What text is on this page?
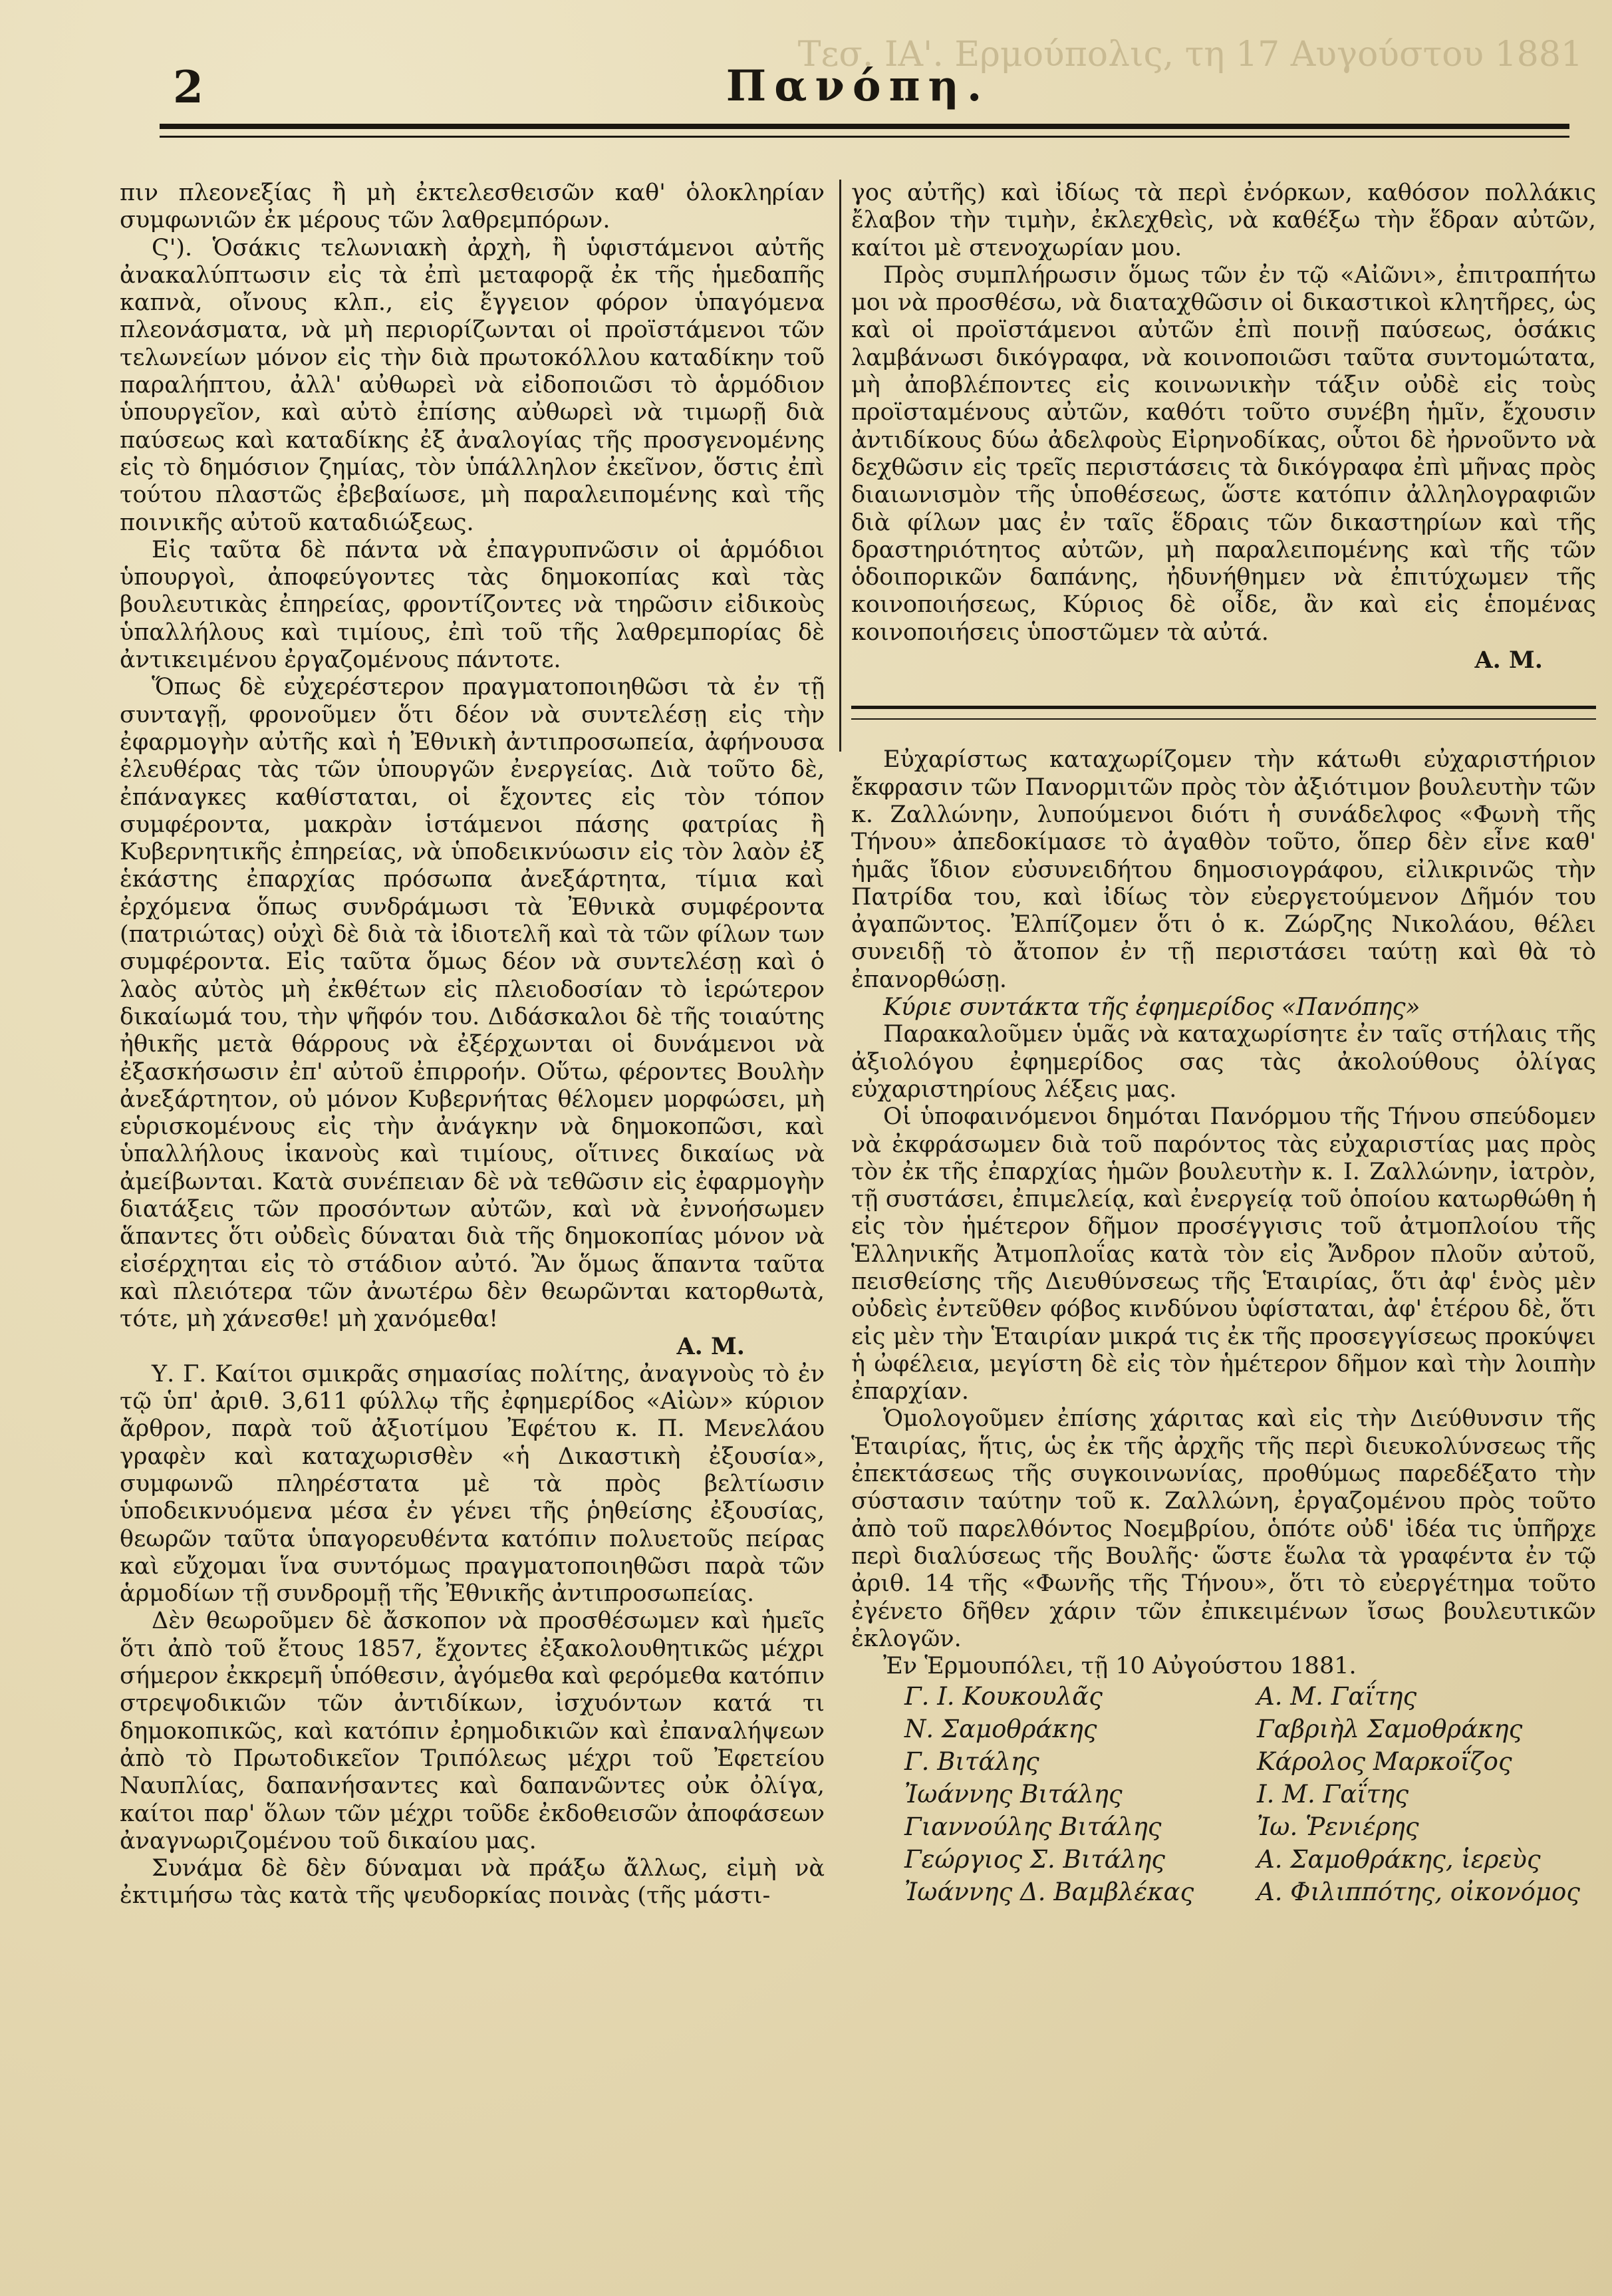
Τεσ. IA'. Ερμούπολις, τη 17 Αυγούστου 1881
2	Πανόπη.

πιν πλεονεξίας ἢ μὴ ἐκτελεσθεισῶν καθ' ὁλοκληρίαν συμφωνιῶν ἐκ μέρους τῶν λαθρεμπόρων.

Ϛ'). Ὁσάκις τελωνιακὴ ἀρχὴ, ἢ ὑφιστάμενοι αὐτῆς ἀνακαλύπτωσιν εἰς τὰ ἐπὶ μεταφορᾷ ἐκ τῆς ἡμεδαπῆς καπνὰ, οἴνους κλπ., εἰς ἔγγειον φόρον ὑπαγόμενα πλεονάσματα, νὰ μὴ περιορίζωνται οἱ προϊστάμενοι τῶν τελωνείων μόνον εἰς τὴν διὰ πρωτοκόλλου καταδίκην τοῦ παραλήπτου, ἀλλ' αὐθωρεὶ νὰ εἰδοποιῶσι τὸ ἁρμόδιον ὑπουργεῖον, καὶ αὐτὸ ἐπίσης αὐθωρεὶ νὰ τιμωρῇ διὰ παύσεως καὶ καταδίκης ἐξ ἀναλογίας τῆς προσγενομένης εἰς τὸ δημόσιον ζημίας, τὸν ὑπάλληλον ἐκεῖνον, ὅστις ἐπὶ τούτου πλαστῶς ἐβεβαίωσε, μὴ παραλειπομένης καὶ τῆς ποινικῆς αὐτοῦ καταδιώξεως.

Εἰς ταῦτα δὲ πάντα νὰ ἐπαγρυπνῶσιν οἱ ἁρμόδιοι ὑπουργοὶ, ἀποφεύγοντες τὰς δημοκοπίας καὶ τὰς βουλευτικὰς ἐπηρείας, φροντίζοντες νὰ τηρῶσιν εἰδικοὺς ὑπαλλήλους καὶ τιμίους, ἐπὶ τοῦ τῆς λαθρεμπορίας δὲ ἀντικειμένου ἐργαζομένους πάντοτε.

Ὅπως δὲ εὐχερέστερον πραγματοποιηθῶσι τὰ ἐν τῇ συνταγῇ, φρονοῦμεν ὅτι δέον νὰ συντελέσῃ εἰς τὴν ἐφαρμογὴν αὐτῆς καὶ ἡ Ἐθνικὴ ἀντιπροσωπεία, ἀφήνουσα ἐλευθέρας τὰς τῶν ὑπουργῶν ἐνεργείας. Διὰ τοῦτο δὲ, ἐπάναγκες καθίσταται, οἱ ἔχοντες εἰς τὸν τόπον συμφέροντα, μακρὰν ἱστάμενοι πάσης φατρίας ἢ Κυβερνητικῆς ἐπηρείας, νὰ ὑποδεικνύωσιν εἰς τὸν λαὸν ἐξ ἑκάστης ἐπαρχίας πρόσωπα ἀνεξάρτητα, τίμια καὶ ἐρχόμενα ὅπως συνδράμωσι τὰ Ἐθνικὰ συμφέροντα (πατριώτας) οὐχὶ δὲ διὰ τὰ ἰδιοτελῆ καὶ τὰ τῶν φίλων των συμφέροντα. Εἰς ταῦτα ὅμως δέον νὰ συντελέσῃ καὶ ὁ λαὸς αὐτὸς μὴ ἐκθέτων εἰς πλειοδοσίαν τὸ ἱερώτερον δικαίωμά του, τὴν ψῆφόν του. Διδάσκαλοι δὲ τῆς τοιαύτης ἠθικῆς μετὰ θάρρους νὰ ἐξέρχωνται οἱ δυνάμενοι νὰ ἐξασκήσωσιν ἐπ' αὐτοῦ ἐπιρροήν. Οὕτω, φέροντες Βουλὴν ἀνεξάρτητον, οὐ μόνον Κυβερνήτας θέλομεν μορφώσει, μὴ εὑρισκομένους εἰς τὴν ἀνάγκην νὰ δημοκοπῶσι, καὶ ὑπαλλήλους ἱκανοὺς καὶ τιμίους, οἵτινες δικαίως νὰ ἀμείβωνται. Κατὰ συνέπειαν δὲ νὰ τεθῶσιν εἰς ἐφαρμογὴν διατάξεις τῶν προσόντων αὐτῶν, καὶ νὰ ἐννοήσωμεν ἅπαντες ὅτι οὐδεὶς δύναται διὰ τῆς δημοκοπίας μόνον νὰ εἰσέρχηται εἰς τὸ στάδιον αὐτό. Ἂν ὅμως ἅπαντα ταῦτα καὶ πλειότερα τῶν ἀνωτέρω δὲν θεωρῶνται κατορθωτὰ, τότε, μὴ χάνεσθε! μὴ χανόμεθα!

Α. Μ.

Υ. Γ. Καίτοι σμικρᾶς σημασίας πολίτης, ἀναγνοὺς τὸ ἐν τῷ ὑπ' ἀριθ. 3,611 φύλλῳ τῆς ἐφημερίδος «Αἰὼν» κύριον ἄρθρον, παρὰ τοῦ ἀξιοτίμου Ἐφέτου κ. Π. Μενελάου γραφὲν καὶ καταχωρισθὲν «ἡ Δικαστικὴ ἐξουσία», συμφωνῶ πληρέστατα μὲ τὰ πρὸς βελτίωσιν ὑποδεικνυόμενα μέσα ἐν γένει τῆς ῥηθείσης ἐξουσίας, θεωρῶν ταῦτα ὑπαγορευθέντα κατόπιν πολυετοῦς πείρας καὶ εὔχομαι ἵνα συντόμως πραγματοποιηθῶσι παρὰ τῶν ἁρμοδίων τῇ συνδρομῇ τῆς Ἐθνικῆς ἀντιπροσωπείας.

Δὲν θεωροῦμεν δὲ ἄσκοπον νὰ προσθέσωμεν καὶ ἡμεῖς ὅτι ἀπὸ τοῦ ἔτους 1857, ἔχοντες ἐξακολουθητικῶς μέχρι σήμερον ἐκκρεμῆ ὑπόθεσιν, ἀγόμεθα καὶ φερόμεθα κατόπιν στρεψοδικιῶν τῶν ἀντιδίκων, ἰσχυόντων κατά τι δημοκοπικῶς, καὶ κατόπιν ἐρημοδικιῶν καὶ ἐπαναλήψεων ἀπὸ τὸ Πρωτοδικεῖον Τριπόλεως μέχρι τοῦ Ἐφετείου Ναυπλίας, δαπανήσαντες καὶ δαπανῶντες οὐκ ὀλίγα, καίτοι παρ' ὅλων τῶν μέχρι τοῦδε ἐκδοθεισῶν ἀποφάσεων ἀναγνωριζομένου τοῦ δικαίου μας.

Συνάμα δὲ δὲν δύναμαι νὰ πράξω ἄλλως, εἰμὴ νὰ ἐκτιμήσω τὰς κατὰ τῆς ψευδορκίας ποινὰς (τῆς μάστι-

γος αὐτῆς) καὶ ἰδίως τὰ περὶ ἐνόρκων, καθόσον πολλάκις ἔλαβον τὴν τιμὴν, ἐκλεχθεὶς, νὰ καθέξω τὴν ἕδραν αὐτῶν, καίτοι μὲ στενοχωρίαν μου.

Πρὸς συμπλήρωσιν ὅμως τῶν ἐν τῷ «Αἰῶνι», ἐπιτραπήτω μοι νὰ προσθέσω, νὰ διαταχθῶσιν οἱ δικαστικοὶ κλητῆρες, ὡς καὶ οἱ προϊστάμενοι αὐτῶν ἐπὶ ποινῇ παύσεως, ὁσάκις λαμβάνωσι δικόγραφα, νὰ κοινοποιῶσι ταῦτα συντομώτατα, μὴ ἀποβλέποντες εἰς κοινωνικὴν τάξιν οὐδὲ εἰς τοὺς προϊσταμένους αὐτῶν, καθότι τοῦτο συνέβη ἡμῖν, ἔχουσιν ἀντιδίκους δύω ἀδελφοὺς Εἰρηνοδίκας, οὗτοι δὲ ἠρνοῦντο νὰ δεχθῶσιν εἰς τρεῖς περιστάσεις τὰ δικόγραφα ἐπὶ μῆνας πρὸς διαιωνισμὸν τῆς ὑποθέσεως, ὥστε κατόπιν ἀλληλογραφιῶν διὰ φίλων μας ἐν ταῖς ἕδραις τῶν δικαστηρίων καὶ τῆς δραστηριότητος αὐτῶν, μὴ παραλειπομένης καὶ τῆς τῶν ὁδοιπορικῶν δαπάνης, ἠδυνήθημεν νὰ ἐπιτύχωμεν τῆς κοινοποιήσεως, Κύριος δὲ οἶδε, ἂν καὶ εἰς ἑπομένας κοινοποιήσεις ὑποστῶμεν τὰ αὐτά.

Α. Μ.

Εὐχαρίστως καταχωρίζομεν τὴν κάτωθι εὐχαριστήριον ἔκφρασιν τῶν Πανορμιτῶν πρὸς τὸν ἀξιότιμον βουλευτὴν τῶν κ. Ζαλλώνην, λυπούμενοι διότι ἡ συνάδελφος «Φωνὴ τῆς Τήνου» ἀπεδοκίμασε τὸ ἀγαθὸν τοῦτο, ὅπερ δὲν εἶνε καθ' ἡμᾶς ἴδιον εὐσυνειδήτου δημοσιογράφου, εἰλικρινῶς τὴν Πατρίδα του, καὶ ἰδίως τὸν εὐεργετούμενον Δῆμόν του ἀγαπῶντος. Ἐλπίζομεν ὅτι ὁ κ. Ζώρζης Νικολάου, θέλει συνειδῇ τὸ ἄτοπον ἐν τῇ περιστάσει ταύτῃ καὶ θὰ τὸ ἐπανορθώσῃ.

Κύριε συντάκτα τῆς ἐφημερίδος «Πανόπης»

Παρακαλοῦμεν ὑμᾶς νὰ καταχωρίσητε ἐν ταῖς στήλαις τῆς ἀξιολόγου ἐφημερίδος σας τὰς ἀκολούθους ὀλίγας εὐχαριστηρίους λέξεις μας.

Οἱ ὑποφαινόμενοι δημόται Πανόρμου τῆς Τήνου σπεύδομεν νὰ ἐκφράσωμεν διὰ τοῦ παρόντος τὰς εὐχαριστίας μας πρὸς τὸν ἐκ τῆς ἐπαρχίας ἡμῶν βουλευτὴν κ. Ι. Ζαλλώνην, ἰατρὸν, τῇ συστάσει, ἐπιμελείᾳ, καὶ ἐνεργείᾳ τοῦ ὁποίου κατωρθώθη ἡ εἰς τὸν ἡμέτερον δῆμον προσέγγισις τοῦ ἀτμοπλοίου τῆς Ἑλληνικῆς Ἀτμοπλοΐας κατὰ τὸν εἰς Ἄνδρον πλοῦν αὐτοῦ, πεισθείσης τῆς Διευθύνσεως τῆς Ἑταιρίας, ὅτι ἀφ' ἑνὸς μὲν οὐδεὶς ἐντεῦθεν φόβος κινδύνου ὑφίσταται, ἀφ' ἑτέρου δὲ, ὅτι εἰς μὲν τὴν Ἑταιρίαν μικρά τις ἐκ τῆς προσεγγίσεως προκύψει ἡ ὠφέλεια, μεγίστη δὲ εἰς τὸν ἡμέτερον δῆμον καὶ τὴν λοιπὴν ἐπαρχίαν.

Ὁμολογοῦμεν ἐπίσης χάριτας καὶ εἰς τὴν Διεύθυνσιν τῆς Ἑταιρίας, ἥτις, ὡς ἐκ τῆς ἀρχῆς τῆς περὶ διευκολύνσεως τῆς ἐπεκτάσεως τῆς συγκοινωνίας, προθύμως παρεδέξατο τὴν σύστασιν ταύτην τοῦ κ. Ζαλλώνη, ἐργαζομένου πρὸς τοῦτο ἀπὸ τοῦ παρελθόντος Νοεμβρίου, ὁπότε οὐδ' ἰδέα τις ὑπῆρχε περὶ διαλύσεως τῆς Βουλῆς· ὥστε ἕωλα τὰ γραφέντα ἐν τῷ ἀριθ. 14 τῆς «Φωνῆς τῆς Τήνου», ὅτι τὸ εὐεργέτημα τοῦτο ἐγένετο δῆθεν χάριν τῶν ἐπικειμένων ἴσως βουλευτικῶν ἐκλογῶν.

Ἐν Ἑρμουπόλει, τῇ 10 Αὐγούστου 1881.

Γ. Ι. Κουκουλᾶς	Α. Μ. Γαΐτης
Ν. Σαμοθράκης	Γαβριὴλ Σαμοθράκης
Γ. Βιτάλης	Κάρολος Μαρκοΐζος
Ἰωάννης Βιτάλης	Ι. Μ. Γαΐτης
Γιαννούλης Βιτάλης	Ἰω. Ῥενιέρης
Γεώργιος Σ. Βιτάλης	Α. Σαμοθράκης, ἱερεὺς
Ἰωάννης Δ. Βαμβλέκας	Α. Φιλιππότης, οἰκονόμος
